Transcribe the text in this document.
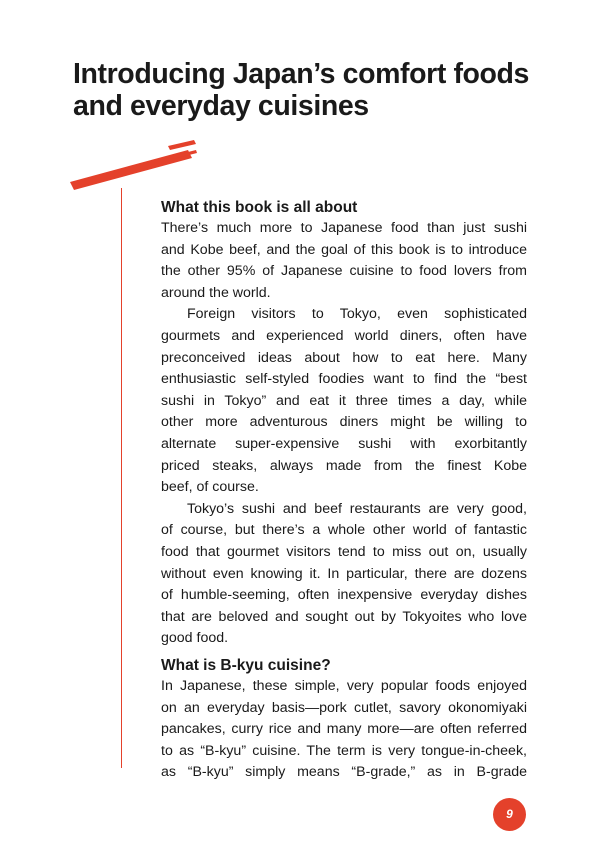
Introducing Japan’s comfort foods
and everyday cuisines
What this book is all about
There’s much more to Japanese food than just sushi
and Kobe beef, and the goal of this book is to introduce
the other 95% of Japanese cuisine to food lovers from
around the world.
Foreign visitors to Tokyo, even sophisticated
gourmets and experienced world diners, often have
preconceived ideas about how to eat here. Many
enthusiastic self-styled foodies want to find the “best
sushi in Tokyo” and eat it three times a day, while
other more adventurous diners might be willing to
alternate super-expensive sushi with exorbitantly
priced steaks, always made from the finest Kobe
beef, of course.
Tokyo’s sushi and beef restaurants are very good,
of course, but there’s a whole other world of fantastic
food that gourmet visitors tend to miss out on, usually
without even knowing it. In particular, there are dozens
of humble-seeming, often inexpensive everyday dishes
that are beloved and sought out by Tokyoites who love
good food.
What is B-kyu cuisine?
In Japanese, these simple, very popular foods enjoyed
on an everyday basis—pork cutlet, savory okonomiyaki
pancakes, curry rice and many more—are often referred
to as “B-kyu” cuisine. The term is very tongue-in-cheek,
as “B-kyu” simply means “B-grade,” as in B-grade
9
